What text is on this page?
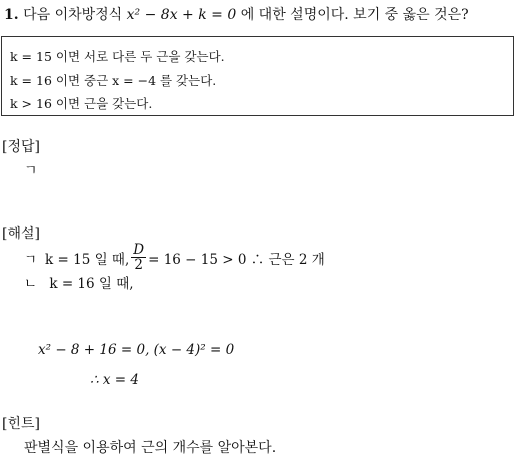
1. 다음 이차방정식 x² − 8x + k = 0 에 대한 설명이다. 보기 중 옳은 것은?
k = 15 이면 서로 다른 두 근을 갖는다.
k = 16 이면 중근 x = −4 를 갖는다.
k > 16 이면 근을 갖는다.
[정답]
ㄱ
[해설]
ㄱ k = 15 일 때, $\frac{D}{2} = 16 - 15 > 0$ ∴ 근은 2 개
ㄴ k = 16 일 때,
x² − 8 + 16 = 0, (x − 4)² = 0
∴ x = 4
[힌트]
판별식을 이용하여 근의 개수를 알아본다.
